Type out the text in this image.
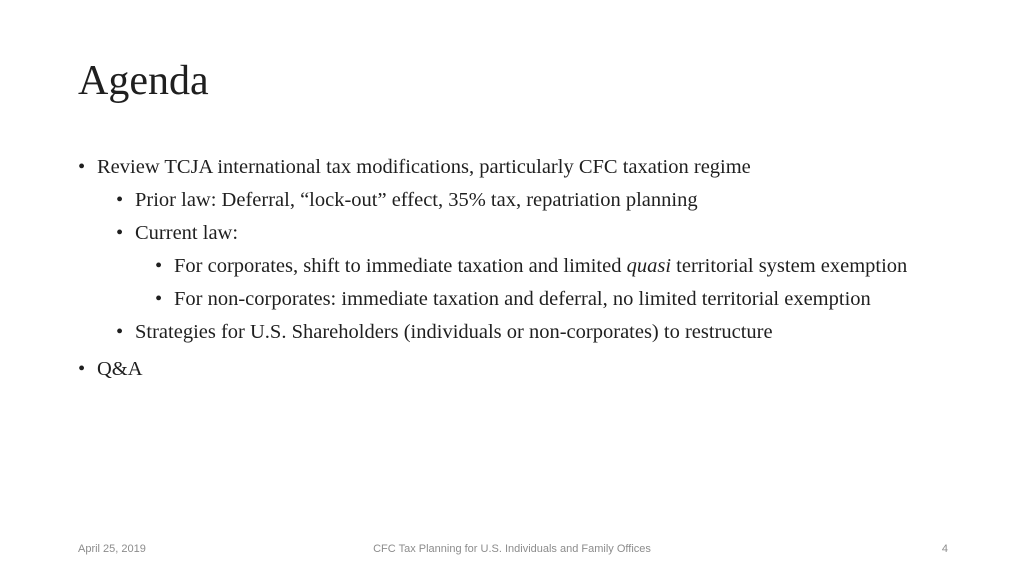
Agenda
• Review TCJA international tax modifications, particularly CFC taxation regime
• Prior law: Deferral, “lock-out” effect, 35% tax, repatriation planning
• Current law:
• For corporates, shift to immediate taxation and limited quasi territorial system exemption
• For non-corporates: immediate taxation and deferral, no limited territorial exemption
• Strategies for U.S. Shareholders (individuals or non-corporates) to restructure
• Q&A
CFC Tax Planning for U.S. Individuals and Family Offices
April 25, 2019	4
